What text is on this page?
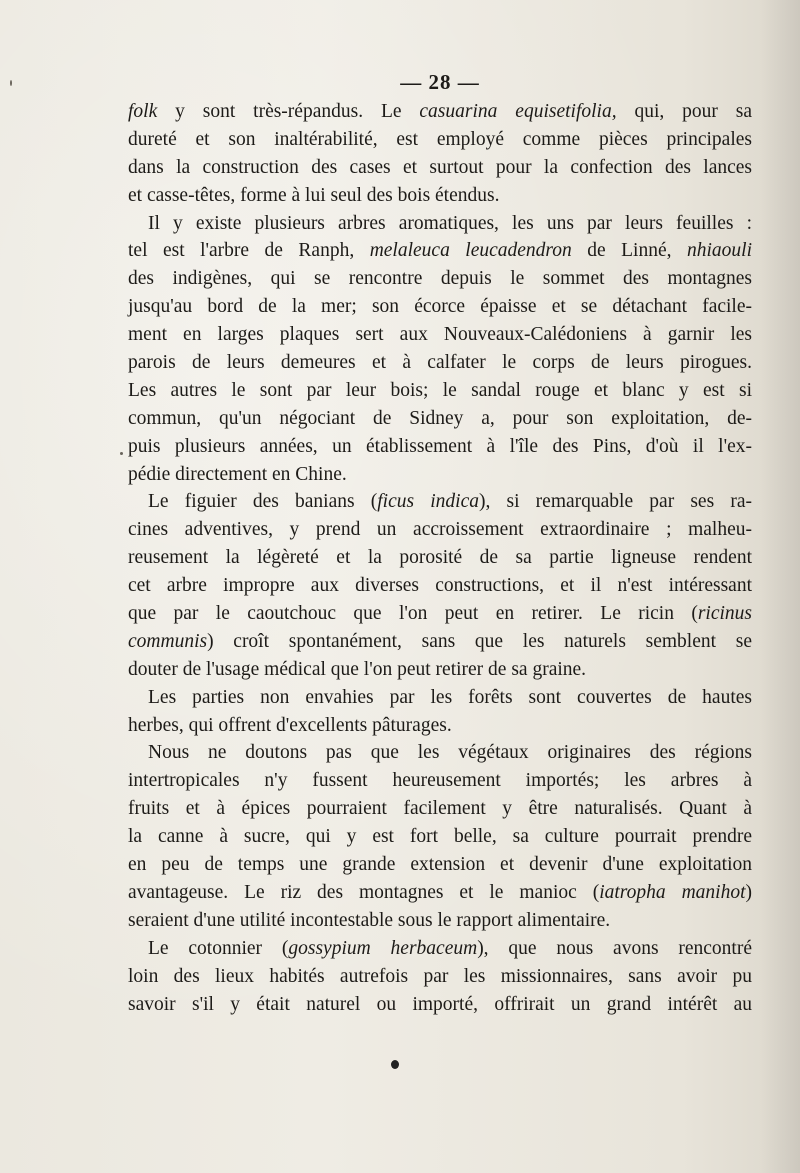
— 28 —
folk y sont très-répandus. Le casuarina equisetifolia, qui, pour sa
dureté et son inaltérabilité, est employé comme pièces principales
dans la construction des cases et surtout pour la confection des lances
et casse-têtes, forme à lui seul des bois étendus.
Il y existe plusieurs arbres aromatiques, les uns par leurs feuilles :
tel est l'arbre de Ranph, melaleuca leucadendron de Linné, nhiaouli
des indigènes, qui se rencontre depuis le sommet des montagnes
jusqu'au bord de la mer; son écorce épaisse et se détachant facile-
ment en larges plaques sert aux Nouveaux-Calédoniens à garnir les
parois de leurs demeures et à calfater le corps de leurs pirogues.
Les autres le sont par leur bois; le sandal rouge et blanc y est si
commun, qu'un négociant de Sidney a, pour son exploitation, de-
puis plusieurs années, un établissement à l'île des Pins, d'où il l'ex-
pédie directement en Chine.
Le figuier des banians (ficus indica), si remarquable par ses ra-
cines adventives, y prend un accroissement extraordinaire ; malheu-
reusement la légèreté et la porosité de sa partie ligneuse rendent
cet arbre impropre aux diverses constructions, et il n'est intéressant
que par le caoutchouc que l'on peut en retirer. Le ricin (ricinus
communis) croît spontanément, sans que les naturels semblent se
douter de l'usage médical que l'on peut retirer de sa graine.
Les parties non envahies par les forêts sont couvertes de hautes
herbes, qui offrent d'excellents pâturages.
Nous ne doutons pas que les végétaux originaires des régions
intertropicales n'y fussent heureusement importés; les arbres à
fruits et à épices pourraient facilement y être naturalisés. Quant à
la canne à sucre, qui y est fort belle, sa culture pourrait prendre
en peu de temps une grande extension et devenir d'une exploitation
avantageuse. Le riz des montagnes et le manioc (iatropha manihot)
seraient d'une utilité incontestable sous le rapport alimentaire.
Le cotonnier (gossypium herbaceum), que nous avons rencontré
loin des lieux habités autrefois par les missionnaires, sans avoir pu
savoir s'il y était naturel ou importé, offrirait un grand intérêt au
